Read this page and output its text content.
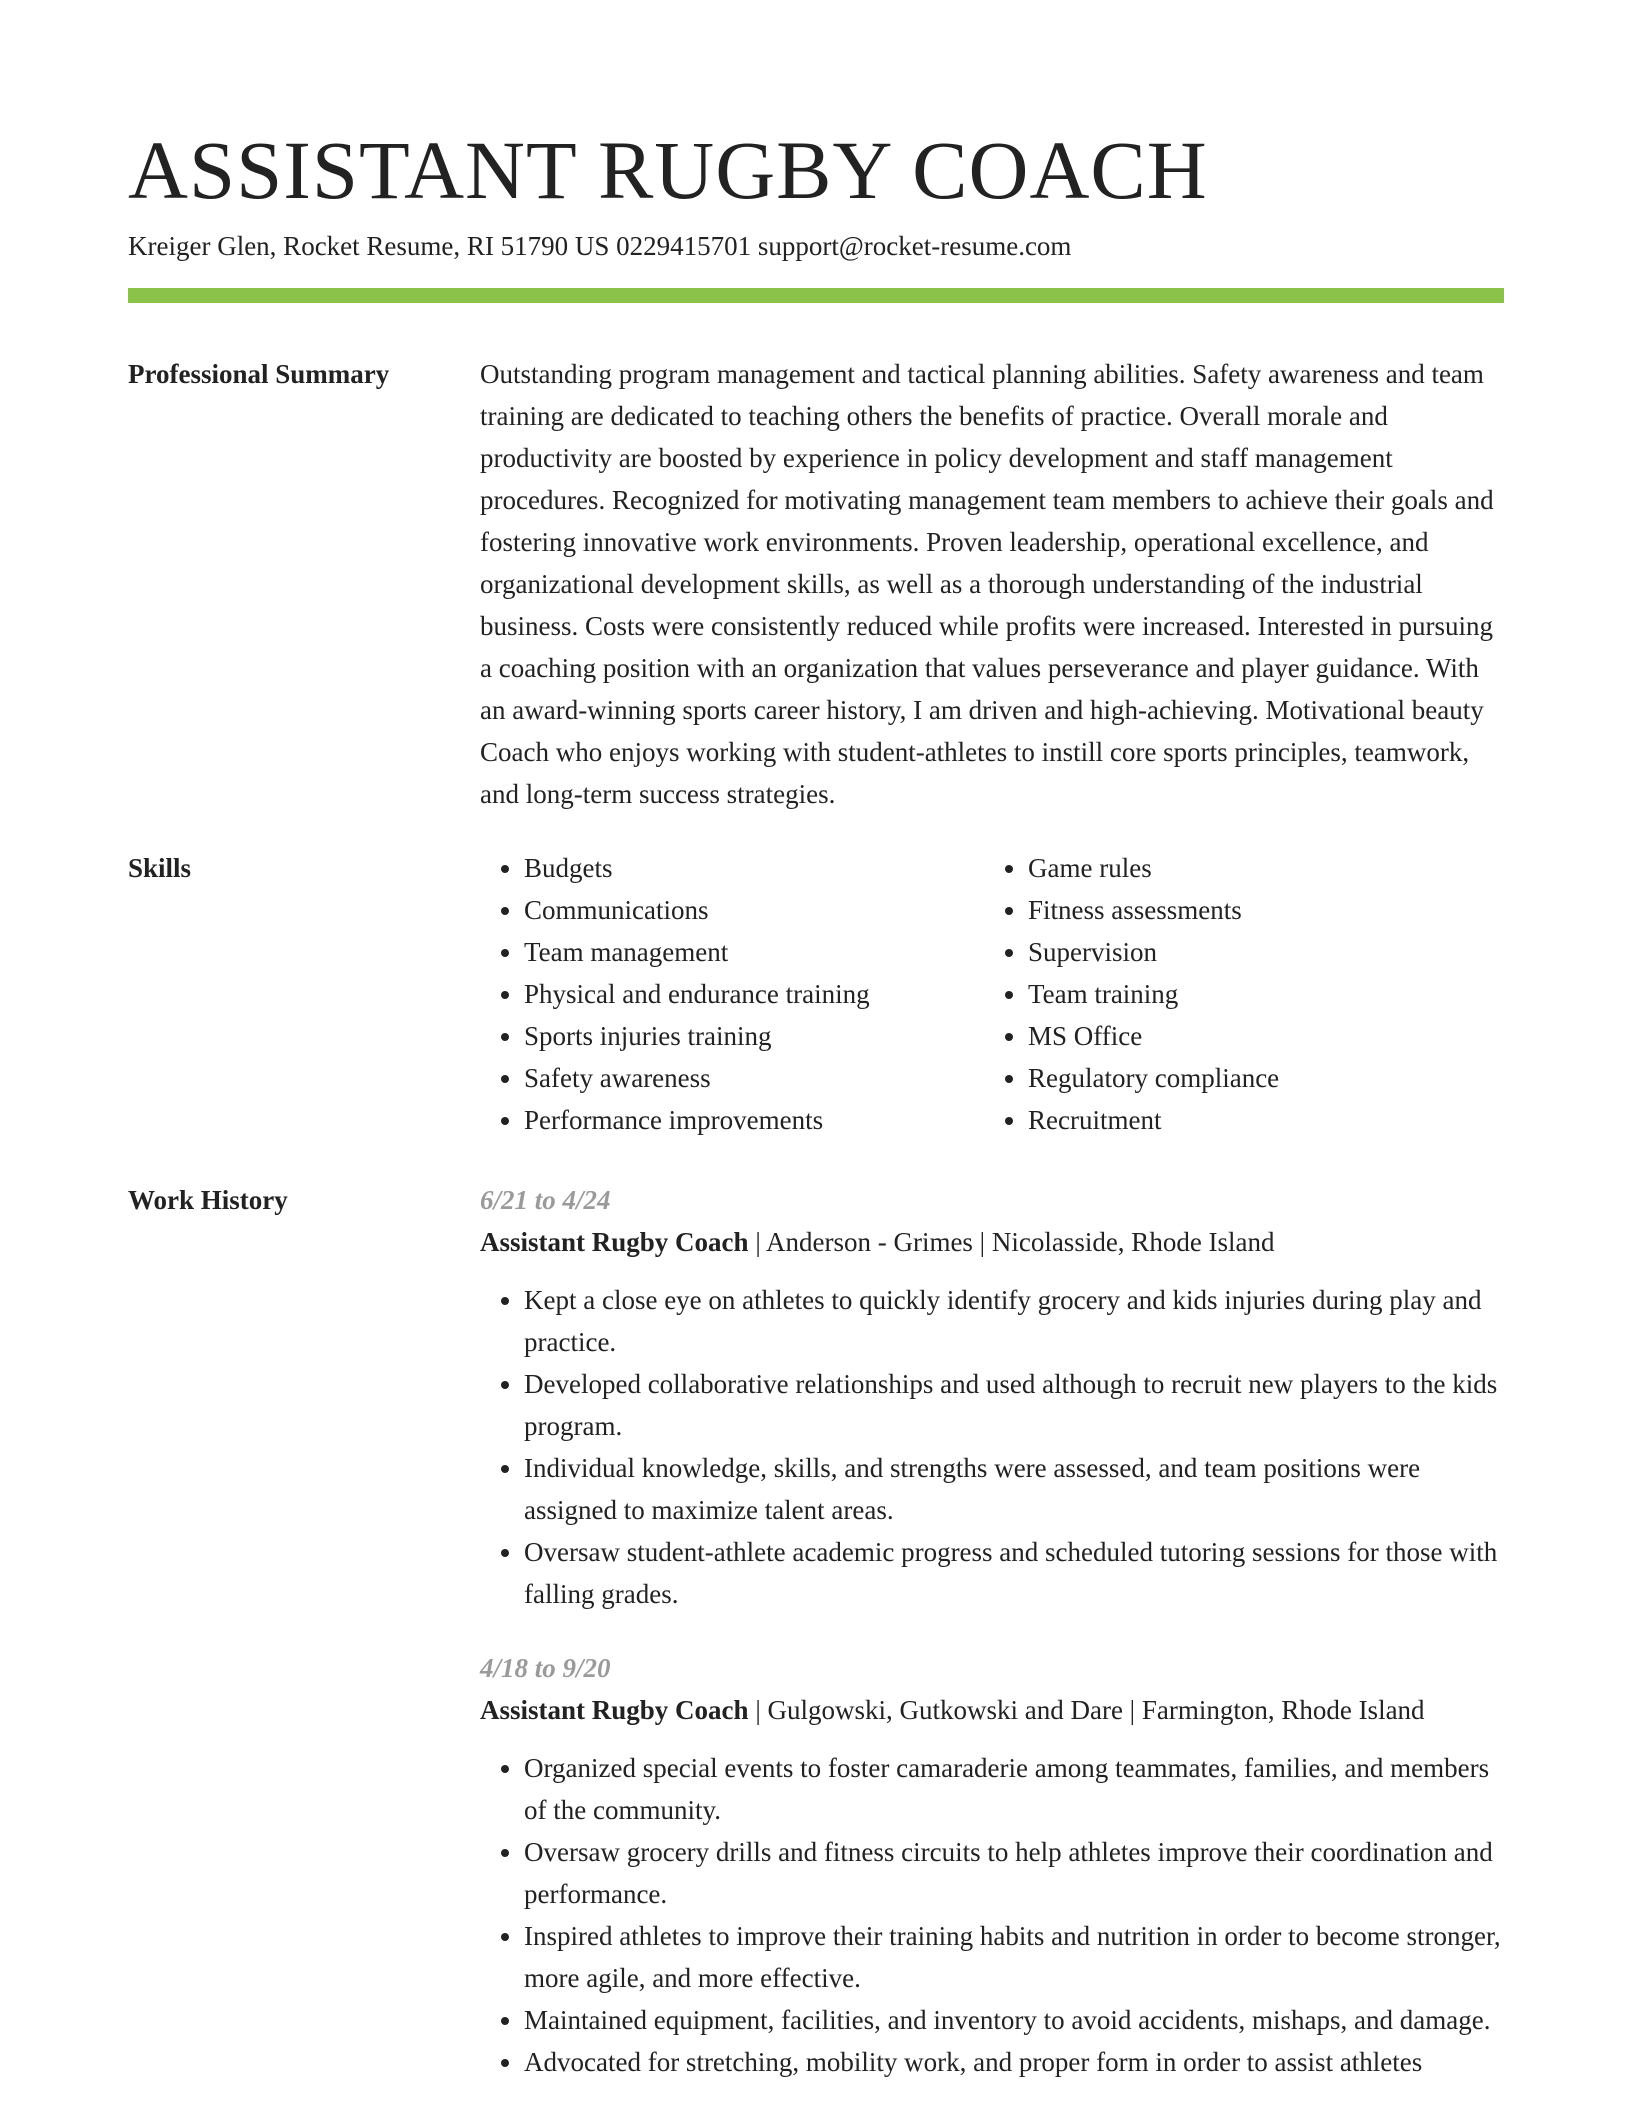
ASSISTANT RUGBY COACH
Kreiger Glen, Rocket Resume, RI 51790 US 0229415701 support@rocket-resume.com
Professional Summary	Outstanding program management and tactical planning abilities. Safety awareness and team training are dedicated to teaching others the benefits of practice. Overall morale and productivity are boosted by experience in policy development and staff management procedures. Recognized for motivating management team members to achieve their goals and fostering innovative work environments. Proven leadership, operational excellence, and organizational development skills, as well as a thorough understanding of the industrial business. Costs were consistently reduced while profits were increased. Interested in pursuing a coaching position with an organization that values perseverance and player guidance. With an award-winning sports career history, I am driven and high-achieving. Motivational beauty Coach who enjoys working with student-athletes to instill core sports principles, teamwork, and long-term success strategies.

Skills
•	Budgets
• Communications
• Team management
• Physical and endurance training
• Sports injuries training
• Safety awareness
• Performance improvements
• Game rules
• Fitness assessments
• Supervision
• Team training
• MS Office
• Regulatory compliance
• Recruitment
Work History	6/21 to 4/24
Assistant Rugby Coach | Anderson - Grimes | Nicolasside, Rhode Island
• Kept a close eye on athletes to quickly identify grocery and kids injuries during play and practice.
• Developed collaborative relationships and used although to recruit new players to the kids program.
• Individual knowledge, skills, and strengths were assessed, and team positions were assigned to maximize talent areas.
• Oversaw student-athlete academic progress and scheduled tutoring sessions for those with falling grades.
4/18 to 9/20
Assistant Rugby Coach | Gulgowski, Gutkowski and Dare | Farmington, Rhode Island
• Organized special events to foster camaraderie among teammates, families, and members of the community.
• Oversaw grocery drills and fitness circuits to help athletes improve their coordination and performance.
• Inspired athletes to improve their training habits and nutrition in order to become stronger, more agile, and more effective.
• Maintained equipment, facilities, and inventory to avoid accidents, mishaps, and damage.
• Advocated for stretching, mobility work, and proper form in order to assist athletes
